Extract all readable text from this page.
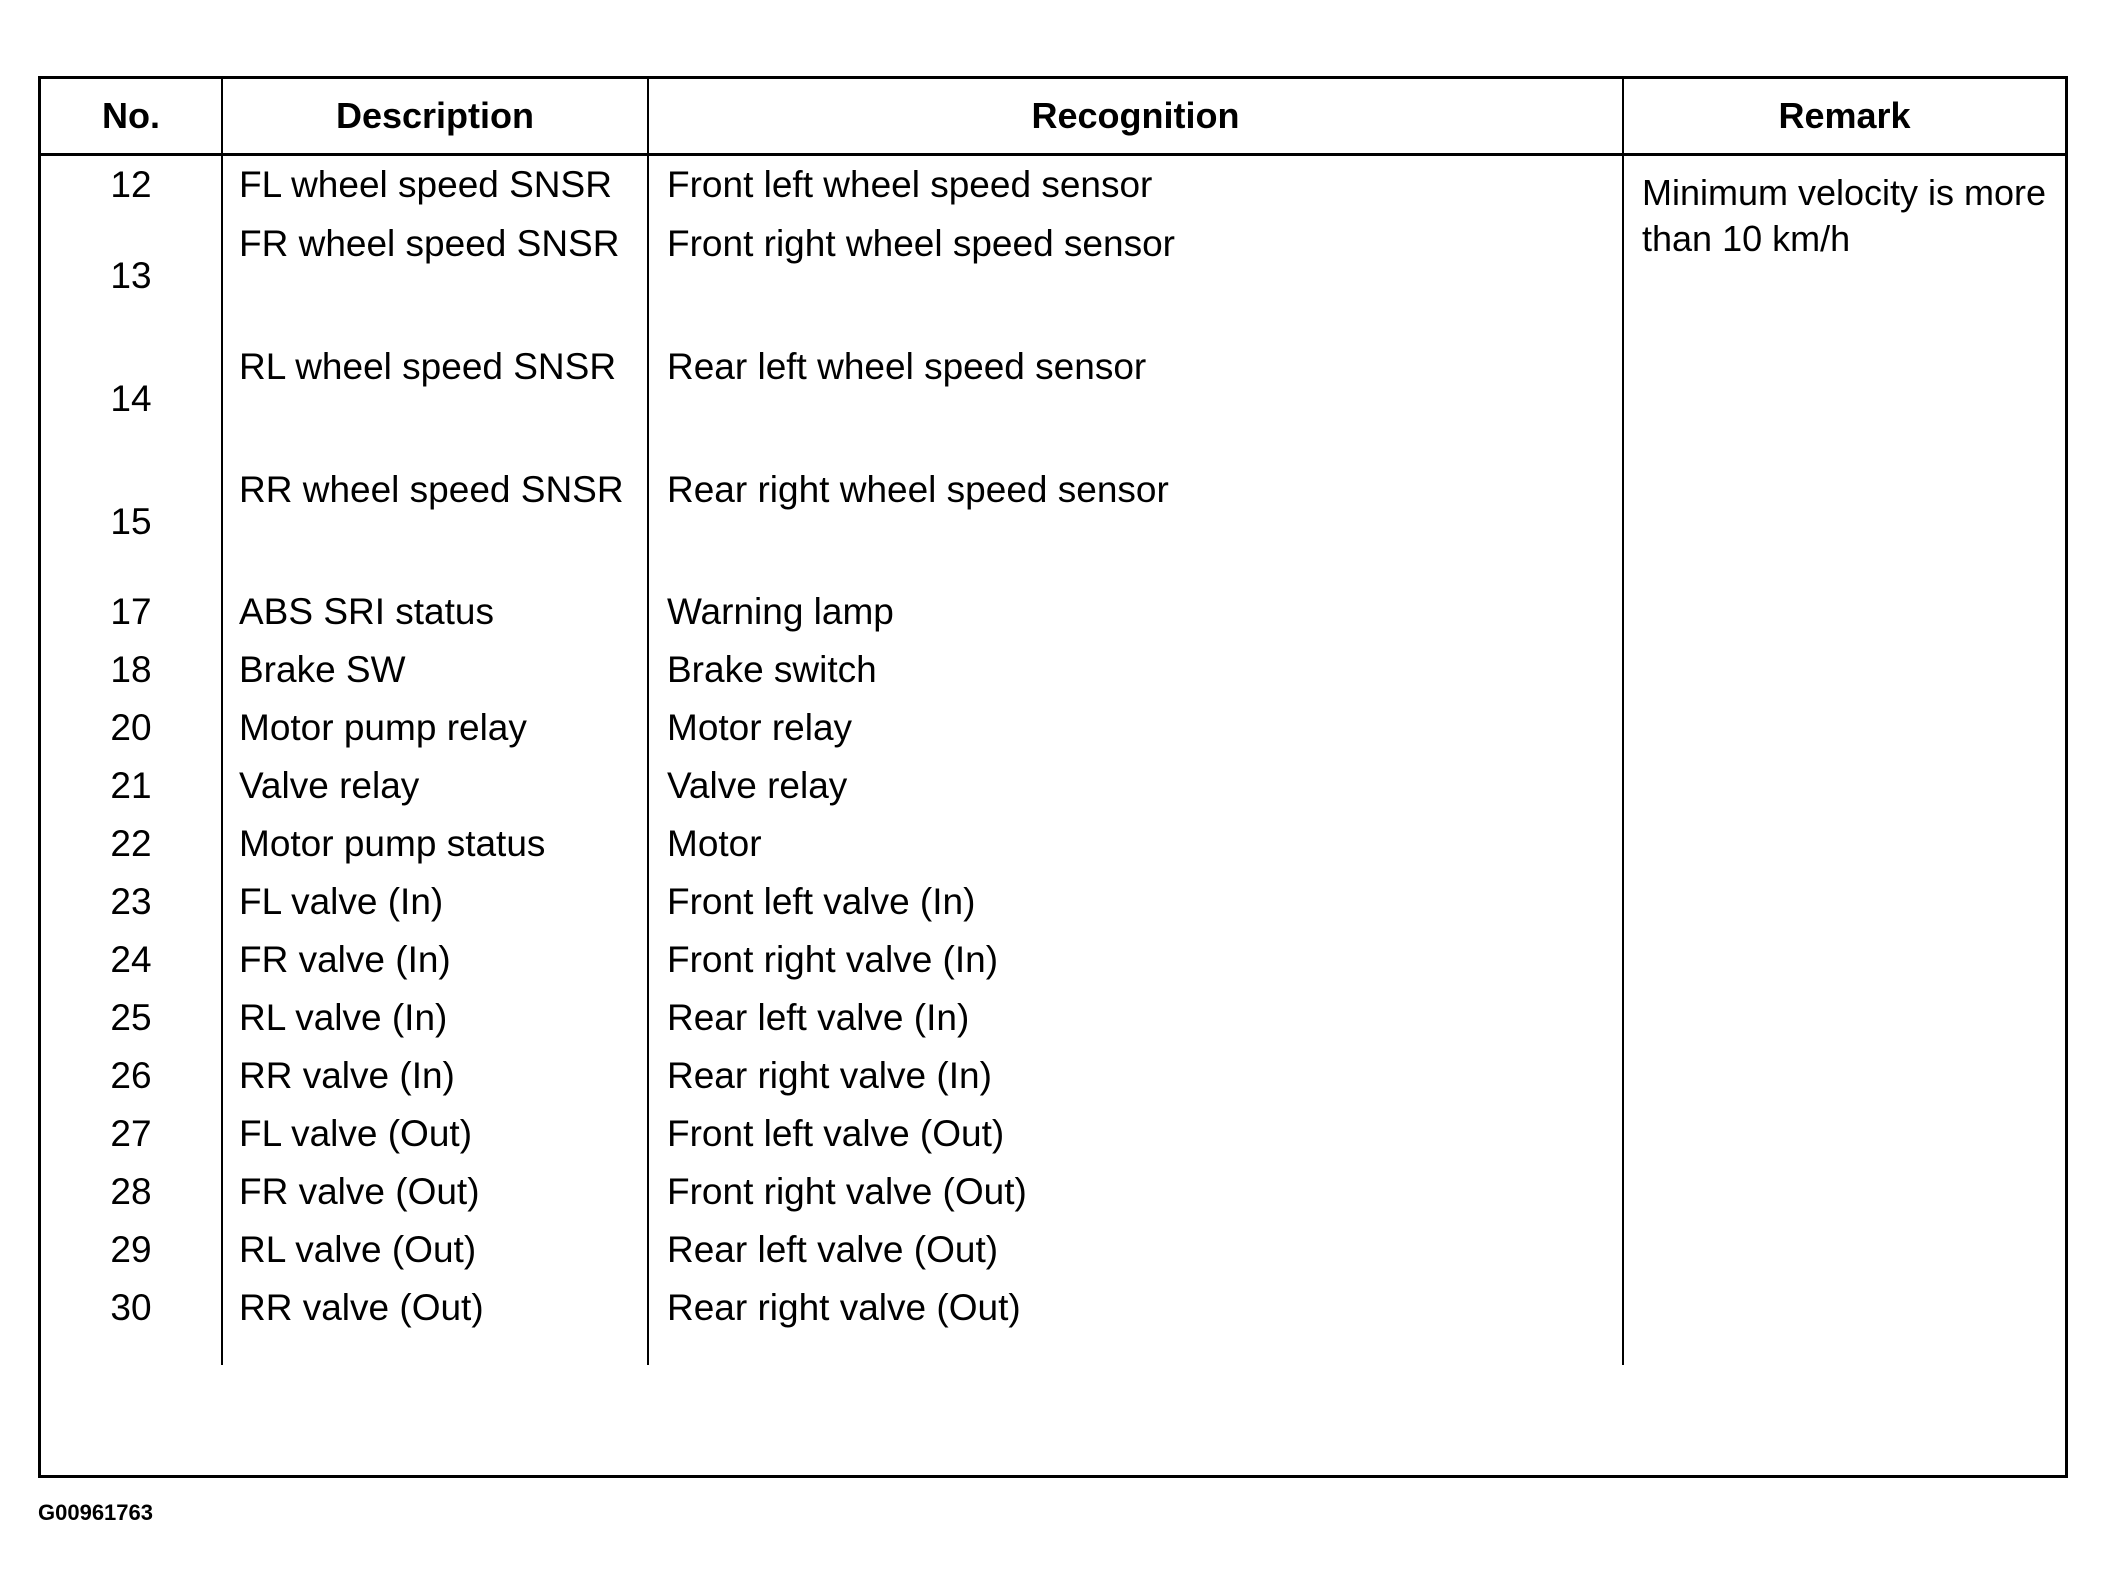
No.	Description	Recognition	Remark
12	FL wheel speed SNSR	Front left wheel speed sensor	Minimum velocity is more than 10 km/h
13	FR wheel speed SNSR	Front right wheel speed sensor	
14	RL wheel speed SNSR	Rear left wheel speed sensor	
15	RR wheel speed SNSR	Rear right wheel speed sensor	
17	ABS SRI status	Warning lamp	
18	Brake SW	Brake switch	
20	Motor pump relay	Motor relay	
21	Valve relay	Valve relay	
22	Motor pump status	Motor	
23	FL valve (In)	Front left valve (In)	
24	FR valve (In)	Front right valve (In)	
25	RL valve (In)	Rear left valve (In)	
26	RR valve (In)	Rear right valve (In)	
27	FL valve (Out)	Front left valve (Out)	
28	FR valve (Out)	Front right valve (Out)	
29	RL valve (Out)	Rear left valve (Out)	
30	RR valve (Out)	Rear right valve (Out)	

G00961763
